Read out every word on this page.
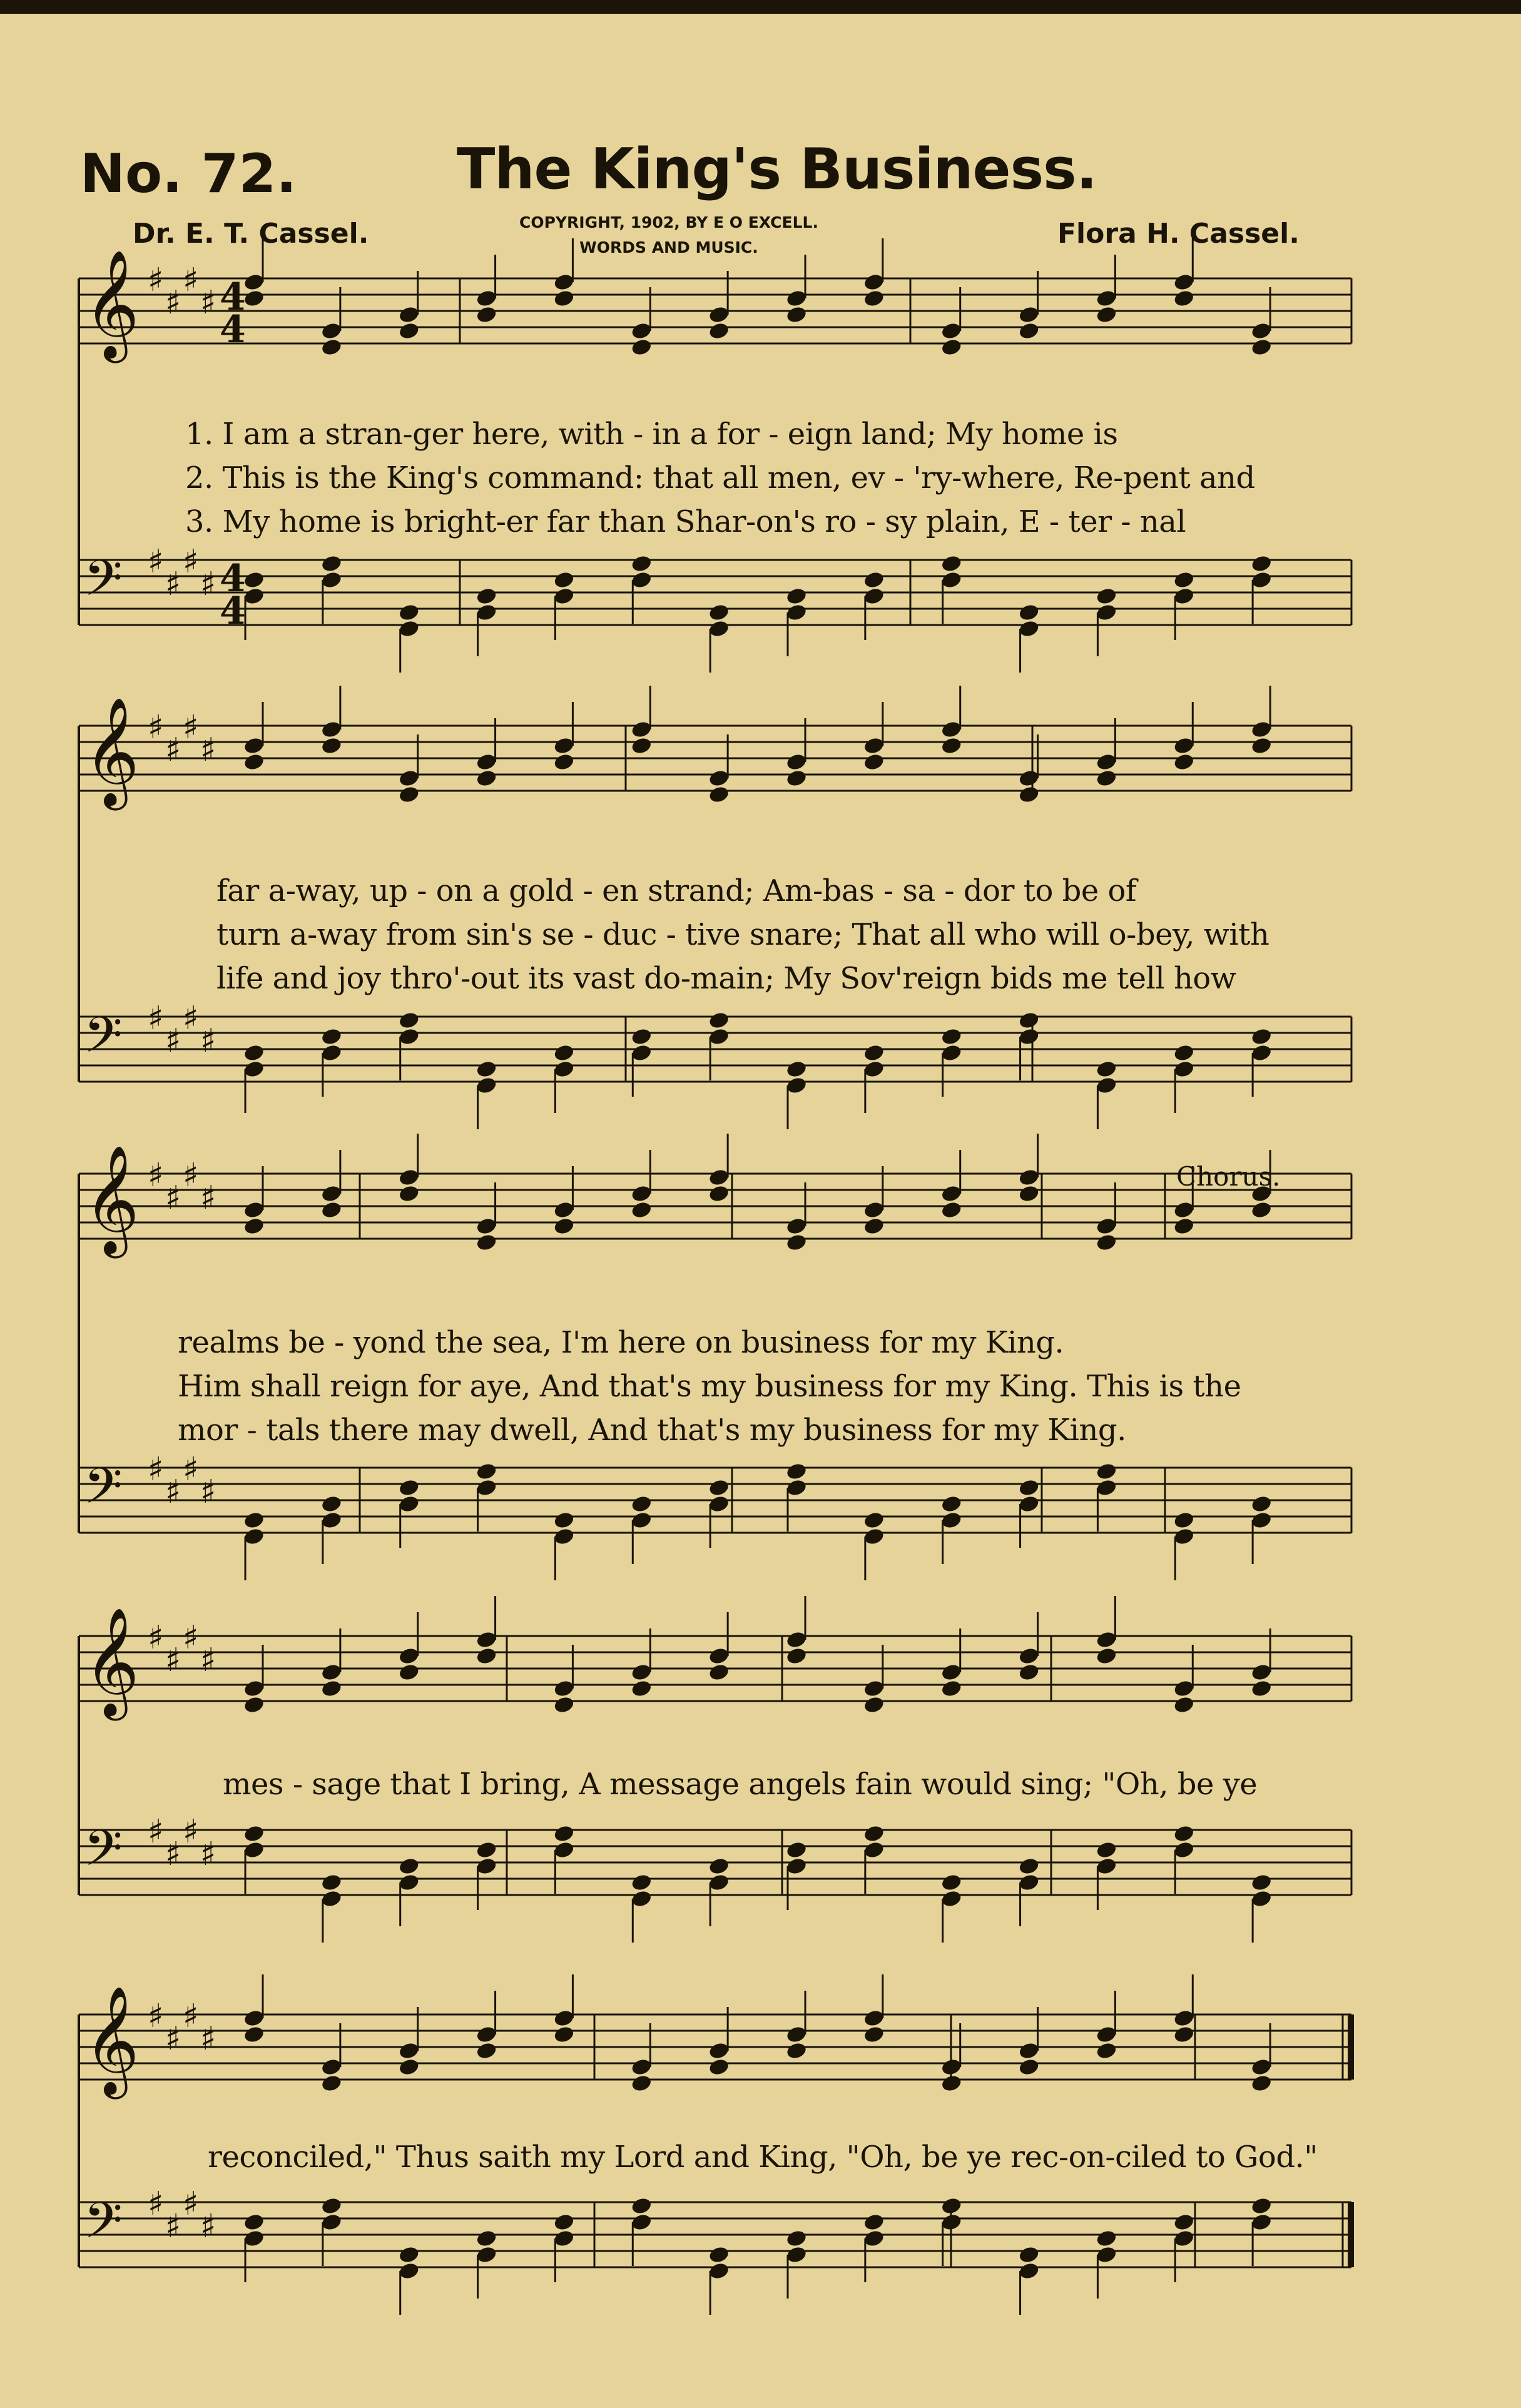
No. 72.	The King's Business.
Dr. E. T. Cassel.	COPYRIGHT, 1902, BY E O EXCELL.
WORDS AND MUSIC.	Flora H. Cassel.
𝄞 ♯
♯
♯
♯
𝄢 ♯
♯
♯
♯
4
4
4
4
𝄞 ♯
♯
♯
♯
𝄢 ♯
♯
♯
♯
𝄞 ♯
♯
♯
♯
𝄢 ♯
♯
♯
♯
𝄞 ♯
♯
♯
♯
𝄢 ♯
♯
♯
♯
𝄞 ♯
♯
♯
♯
𝄢 ♯
♯
♯
♯
1. I am a stran-ger here, with - in a for - eign land; My home is
2. This is the King's command: that all men, ev - 'ry-where, Re-pent and
3. My home is bright-er far than Shar-on's ro - sy plain, E - ter - nal
far a-way, up - on a gold - en strand; Am-bas - sa - dor to be of
turn a-way from sin's se - duc - tive snare; That all who will o-bey, with
life and joy thro'-out its vast do-main; My Sov'reign bids me tell how
Chorus.
realms be - yond the sea, I'm here on business for my King.
Him shall reign for aye, And that's my business for my King. This is the
mor - tals there may dwell, And that's my business for my King.
mes - sage that I bring, A message angels fain would sing; "Oh, be ye
reconciled," Thus saith my Lord and King, "Oh, be ye rec-on-ciled to God."
